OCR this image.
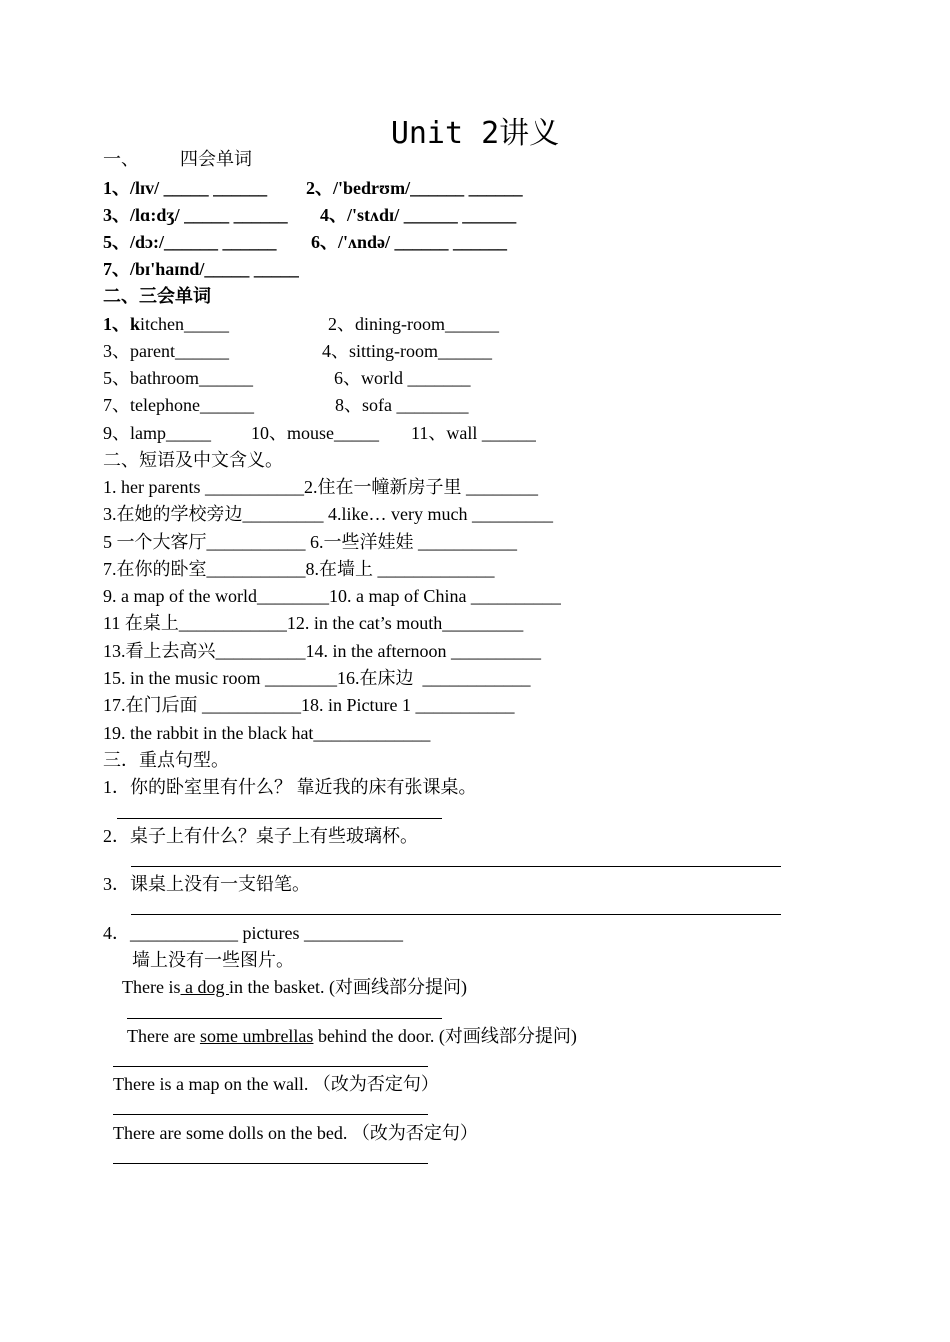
Unit 2讲义
一、 四会单词
1、/lɪv/ _____ ______ 2、/'bedrʊm/______ ______
3、/lɑ:dʒ/ _____ ______ 4、/'stʌdɪ/ ______ ______
5、/dɔ:/______ ______ 6、/'ʌndə/ ______ ______
7、/bɪ'haɪnd/_____ _____
二、三会单词
1、kitchen_____	2、dining-room______
3、parent______	4、sitting-room______
5、bathroom______	6、world _______
7、telephone______	8、sofa ________
9、lamp_____ 10、mouse_____ 11、wall ______
二、短语及中文含义。
1. her parents ___________2.住在一幢新房子里 ________
3.在她的学校旁边_________ 4.like… very much _________
5 一个大客厅___________ 6.一些洋娃娃 ___________
7.在你的卧室___________8.在墙上 _____________
9. a map of the world________10. a map of China __________
11 在桌上____________12. in the cat’s mouth_________
13.看上去高兴__________14. in the afternoon __________
15. in the music room ________16.在床边  ____________
17.在门后面 ___________18. in Picture 1 ___________
19. the rabbit in the black hat_____________
三．重点句型。
1．你的卧室里有什么？ 靠近我的床有张课桌。
2．桌子上有什么？桌子上有些玻璃杯。
3．课桌上没有一支铅笔。
4．____________ pictures ___________
墙上没有一些图片。
There is a dog in the basket. (对画线部分提问)
There are some umbrellas behind the door. (对画线部分提问)
There is a map on the wall. （改为否定句）
There are some dolls on the bed. （改为否定句）
